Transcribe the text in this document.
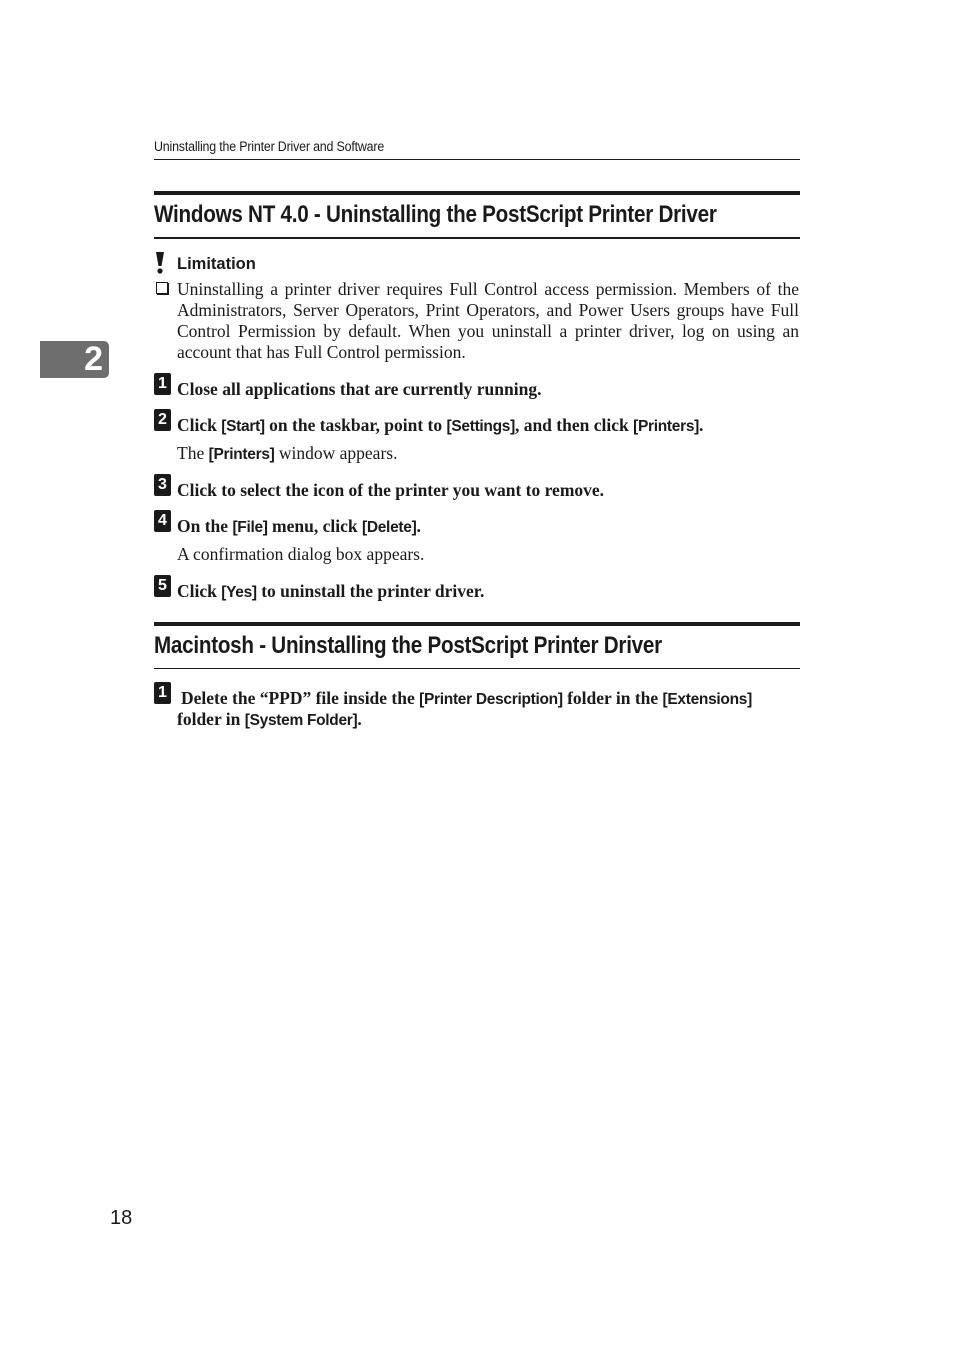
Uninstalling the Printer Driver and Software
2
Windows NT 4.0 - Uninstalling the PostScript Printer Driver
Limitation
Uninstalling a printer driver requires Full Control access permission. Members of the Administrators, Server Operators, Print Operators, and Power Users groups have Full Control Permission by default. When you uninstall a printer driver, log on using an account that has Full Control permission.
1 Close all applications that are currently running.
2 Click [Start] on the taskbar, point to [Settings], and then click [Printers].
The [Printers] window appears.
3 Click to select the icon of the printer you want to remove.
4 On the [File] menu, click [Delete].
A confirmation dialog box appears.
5 Click [Yes] to uninstall the printer driver.
Macintosh - Uninstalling the PostScript Printer Driver
1 Delete the “PPD” file inside the [Printer Description] folder in the [Extensions]
folder in [System Folder].
18
